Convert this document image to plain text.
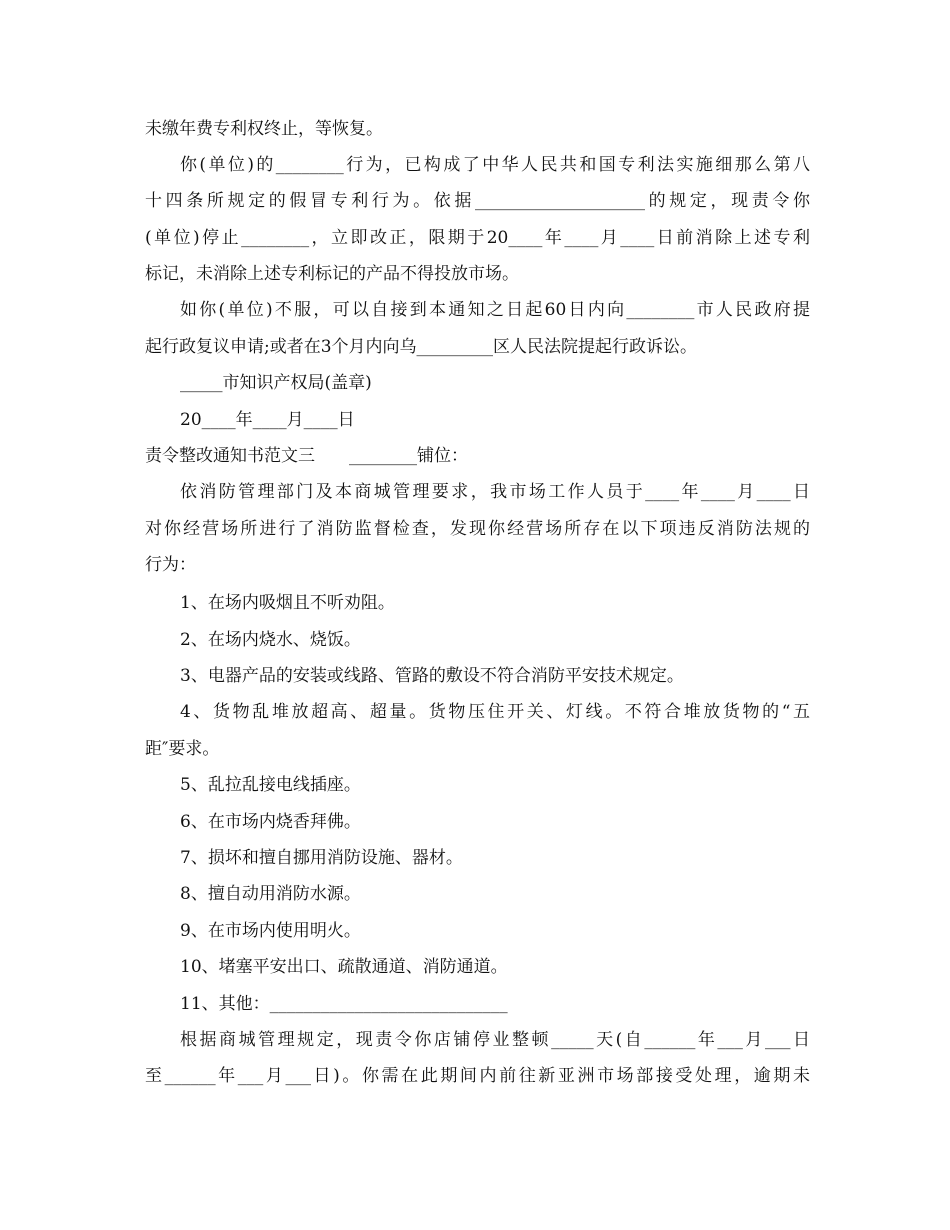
未缴年费专利权终止，等恢复。
你(单位)的________行为，已构成了中华人民共和国专利法实施细那么第八
十四条所规定的假冒专利行为。依据____________________的规定，现责令你
(单位)停止________，立即改正，限期于20____年____月____日前消除上述专利
标记，未消除上述专利标记的产品不得投放市场。
如你(单位)不服，可以自接到本通知之日起60日内向________市人民政府提
起行政复议申请;或者在3个月内向乌_________区人民法院提起行政诉讼。
_____市知识产权局(盖章)
20____年____月____日
责令整改通知书范文三　　________铺位：
依消防管理部门及本商城管理要求，我市场工作人员于____年____月____日
对你经营场所进行了消防监督检查，发现你经营场所存在以下项违反消防法规的
行为：
1、在场内吸烟且不听劝阻。
2、在场内烧水、烧饭。
3、电器产品的安装或线路、管路的敷设不符合消防平安技术规定。
4、货物乱堆放超高、超量。货物压住开关、灯线。不符合堆放货物的“五
距″要求。
5、乱拉乱接电线插座。
6、在市场内烧香拜佛。
7、损坏和擅自挪用消防设施、器材。
8、擅自动用消防水源。
9、在市场内使用明火。
10、堵塞平安出口、疏散通道、消防通道。
11、其他：____________________________
根据商城管理规定，现责令你店铺停业整顿_____天(自______年___月___日
至______年___月___日)。你需在此期间内前往新亚洲市场部接受处理，逾期未
